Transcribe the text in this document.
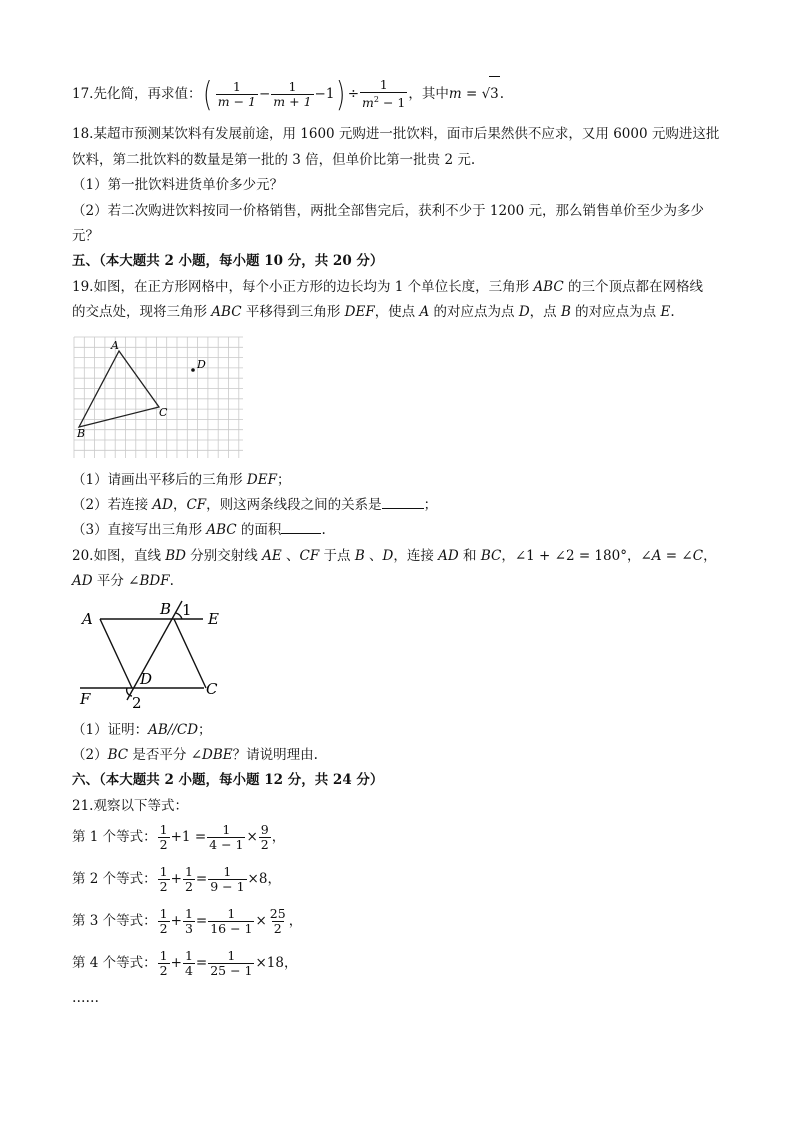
17.先化简，再求值：( $\frac{1}{m - 1} - \frac{1}{m + 1} -1) \div \frac{1}{m^2 - 1}$ ，其中m = √3.
18.某超市预测某饮料有发展前途，用 1600 元购进一批饮料，面市后果然供不应求，又用 6000 元购进这批
饮料，第二批饮料的数量是第一批的 3 倍，但单价比第一批贵 2 元.
（1）第一批饮料进货单价多少元？
（2）若二次购进饮料按同一价格销售，两批全部售完后，获利不少于 1200 元，那么销售单价至少为多少
元？
五、（本大题共 2 小题，每小题 10 分，共 20 分）
19.如图，在正方形网格中，每个小正方形的边长均为 1 个单位长度，三角形 ABC 的三个顶点都在网格线
的交点处，现将三角形 ABC 平移得到三角形 DEF，使点 A 的对应点为点 D，点 B 的对应点为点 E.
A
B
C
D
（1）请画出平移后的三角形 DEF；
（2）若连接 AD，CF，则这两条线段之间的关系是	；
（3）直接写出三角形 ABC 的面积	.
20.如图，直线 BD 分别交射线 AE 、CF 于点 B 、D，连接 AD 和 BC，∠1 + ∠2 = 180°，∠A = ∠C，
AD 平分 ∠BDF.
A
B 1 E
D
F	2
C
（1）证明：AB//CD；
（2）BC 是否平分 ∠DBE？请说明理由.
六、（本大题共 2 小题，每小题 12 分，共 24 分）
21.观察以下等式：
第 1 个等式： $\frac{1}{2} +1 = \frac{1}{4 - 1} \times \frac{9}{2}$ ，
第 2 个等式： $\frac{1}{2} + \frac{1}{2} = \frac{1}{9 - 1} \times 8$，
第 3 个等式： $\frac{1}{2} + \frac{1}{3} = \frac{1}{16 - 1} \times \frac{25}{2}$ ，
第 4 个等式： $\frac{1}{2} + \frac{1}{4} = \frac{1}{25 - 1} \times 18$，
……
